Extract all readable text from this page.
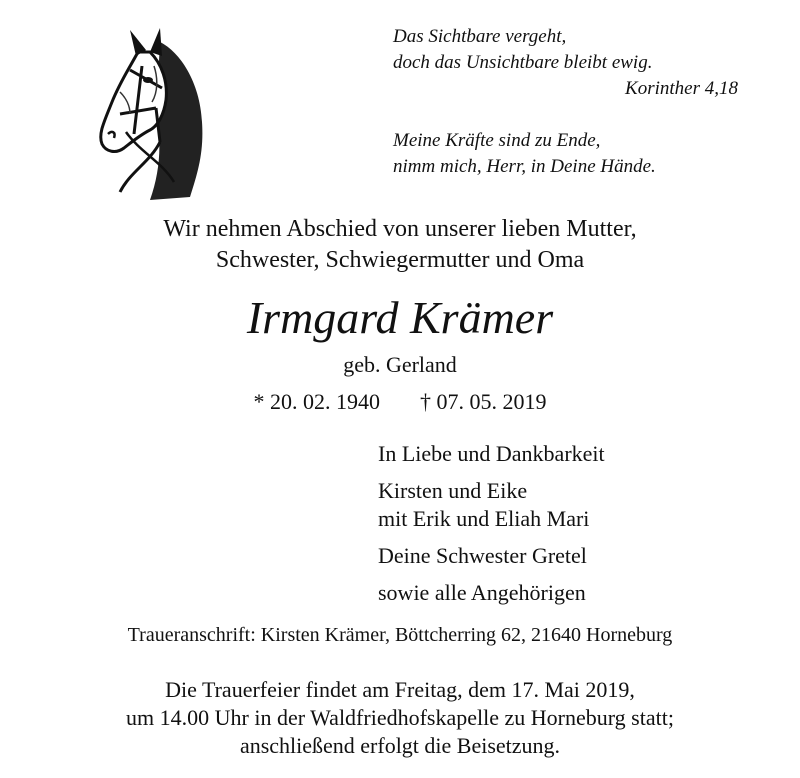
Das Sichtbare vergeht,
doch das Unsichtbare bleibt ewig.
Korinther 4,18
Meine Kräfte sind zu Ende,
nimm mich, Herr, in Deine Hände.
Wir nehmen Abschied von unserer lieben Mutter,
Schwester, Schwiegermutter und Oma
Irmgard Krämer
geb. Gerland
* 20. 02. 1940 † 07. 05. 2019
In Liebe und Dankbarkeit
Kirsten und Eike
mit Erik und Eliah Mari
Deine Schwester Gretel
sowie alle Angehörigen
Traueranschrift: Kirsten Krämer, Böttcherring 62, 21640 Horneburg
Die Trauerfeier findet am Freitag, dem 17. Mai 2019,
um 14.00 Uhr in der Waldfriedhofskapelle zu Horneburg statt;
anschließend erfolgt die Beisetzung.
